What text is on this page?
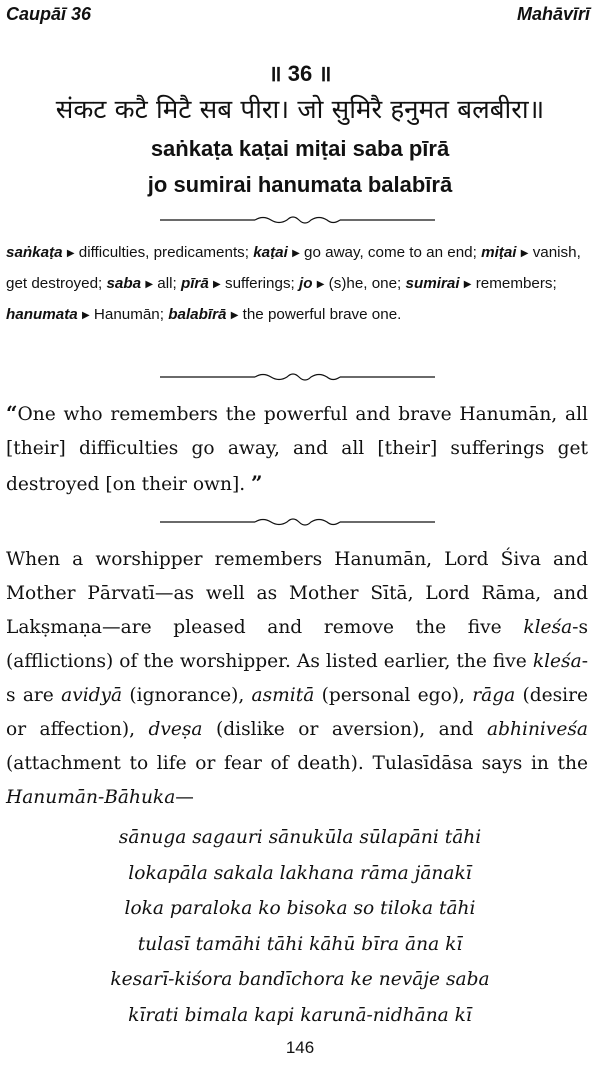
Caupāī 36	Mahāvīrī
॥ 36 ॥
संकट कटै मिटै सब पीरा। जो सुमिरै हनुमत बलबीरा॥
saṅkaṭa kaṭai miṭai saba pīrā
jo sumirai hanumata balabīrā
saṅkaṭa ▶ difficulties, predicaments; kaṭai ▶ go away, come to an end; miṭai ▶ vanish, get destroyed; saba ▶ all; pīrā ▶ sufferings; jo ▶ (s)he, one; sumirai ▶ remembers; hanumata ▶ Hanumān; balabīrā ▶ the powerful brave one.
“One who remembers the powerful and brave Hanumān, all [their] difficulties go away, and all [their] sufferings get destroyed [on their own]. ”
When a worshipper remembers Hanumān, Lord Śiva and Mother Pārvatī—as well as Mother Sītā, Lord Rāma, and Lakṣmaṇa—are pleased and remove the five kleśa-s (afflictions) of the worshipper. As listed earlier, the five kleśa-s are avidyā (ignorance), asmitā (personal ego), rāga (desire or affection), dveṣa (dislike or aversion), and abhiniveśa (attachment to life or fear of death). Tulasīdāsa says in the Hanumān-Bāhuka—
sānuga sagauri sānukūla sūlapāni tāhi
lokapāla sakala lakhana rāma jānakī
loka paraloka ko bisoka so tiloka tāhi
tulasī tamāhi tāhi kāhū bīra āna kī
kesarī-kiśora bandīchora ke nevāje saba
kīrati bimala kapi karunā-nidhāna kī
146
